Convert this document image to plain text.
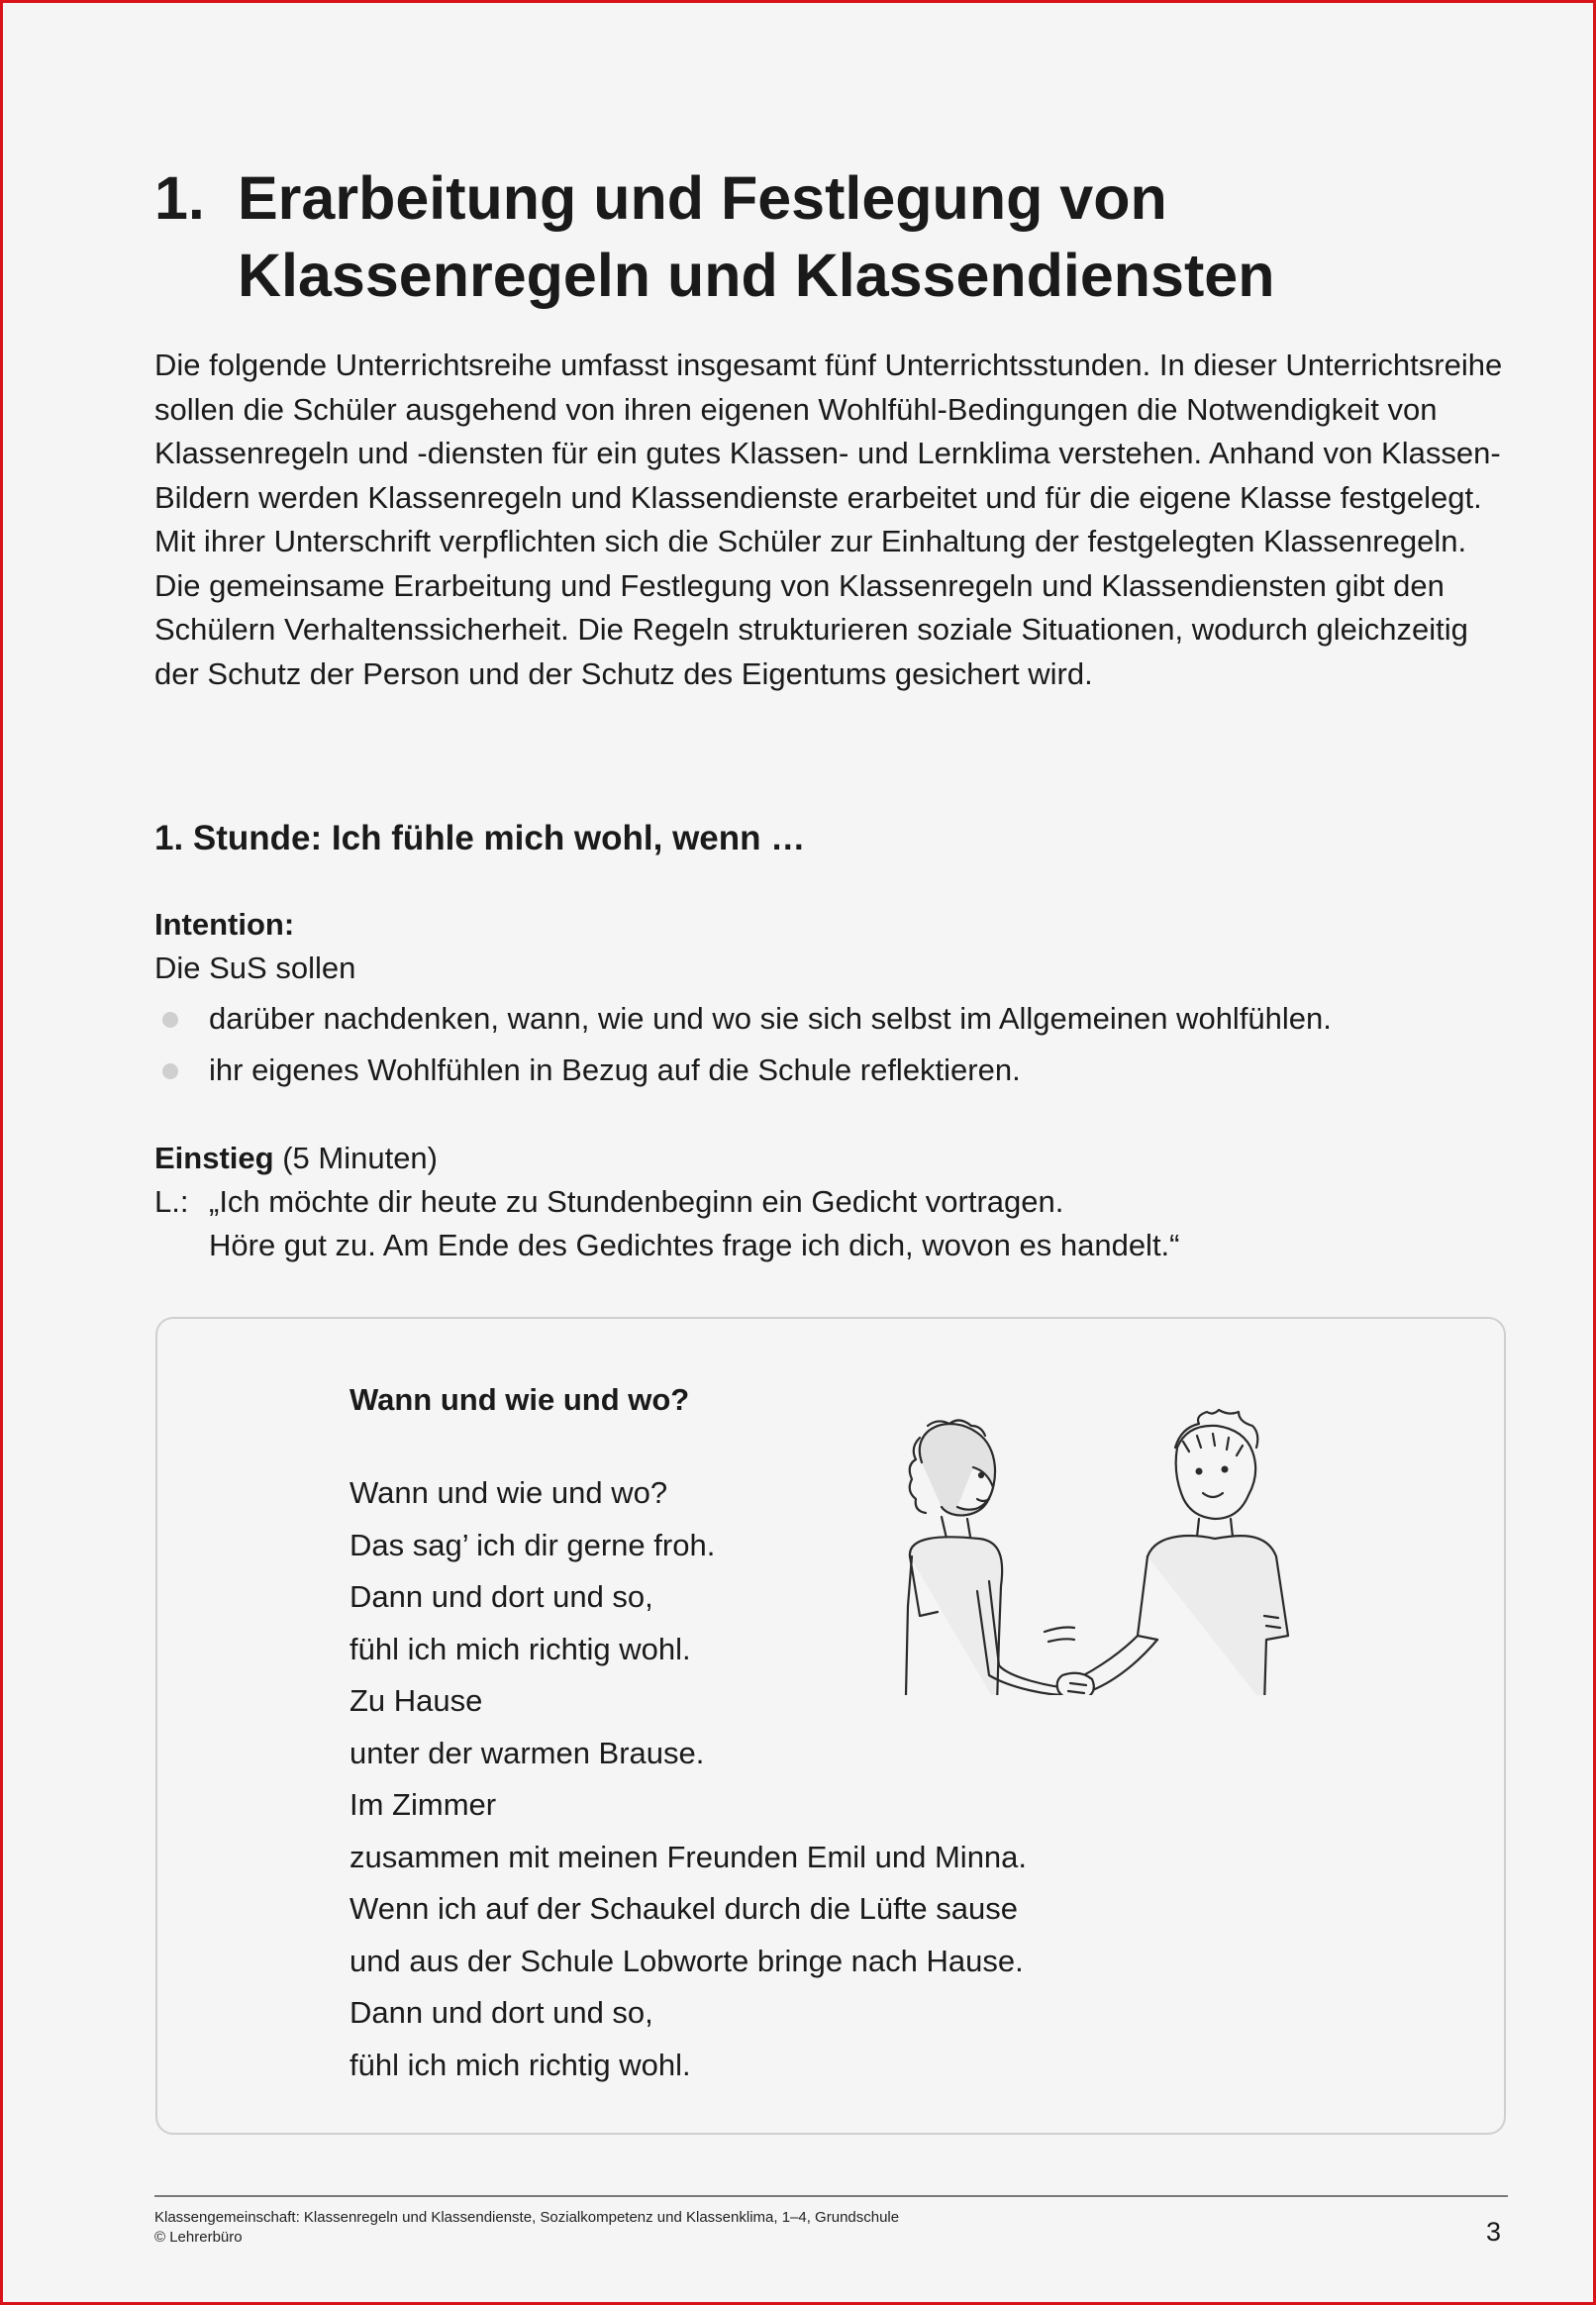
1. Erarbeitung und Festlegung von
Klassenregeln und Klassendiensten

Die folgende Unterrichtsreihe umfasst insgesamt fünf Unterrichtsstunden. In dieser Unterrichtsreihe sollen die Schüler ausgehend von ihren eigenen Wohlfühl-Bedingungen die Notwendigkeit von Klassenregeln und -diensten für ein gutes Klassen- und Lernklima verstehen. Anhand von Klassen-Bildern werden Klassenregeln und Klassendienste erarbeitet und für die eigene Klasse festgelegt. Mit ihrer Unterschrift verpflichten sich die Schüler zur Einhaltung der festgelegten Klassenregeln.

Die gemeinsame Erarbeitung und Festlegung von Klassenregeln und Klassendiensten gibt den Schülern Verhaltenssicherheit. Die Regeln strukturieren soziale Situationen, wodurch gleichzeitig der Schutz der Person und der Schutz des Eigentums gesichert wird.

1. Stunde: Ich fühle mich wohl, wenn …
Intention:
Die SuS sollen
darüber nachdenken, wann, wie und wo sie sich selbst im Allgemeinen wohlfühlen.
ihr eigenes Wohlfühlen in Bezug auf die Schule reflektieren.
Einstieg (5 Minuten)
L.: „Ich möchte dir heute zu Stundenbeginn ein Gedicht vortragen.
Höre gut zu. Am Ende des Gedichtes frage ich dich, wovon es handelt.“
Wann und wie und wo?
Wann und wie und wo?
Das sag’ ich dir gerne froh.
Dann und dort und so,
fühl ich mich richtig wohl.
Zu Hause
unter der warmen Brause.
Im Zimmer
zusammen mit meinen Freunden Emil und Minna.
Wenn ich auf der Schaukel durch die Lüfte sause
und aus der Schule Lobworte bringe nach Hause.
Dann und dort und so,
fühl ich mich richtig wohl.
Klassengemeinschaft: Klassenregeln und Klassendienste, Sozialkompetenz und Klassenklima, 1–4, Grundschule
© Lehrerbüro	3
